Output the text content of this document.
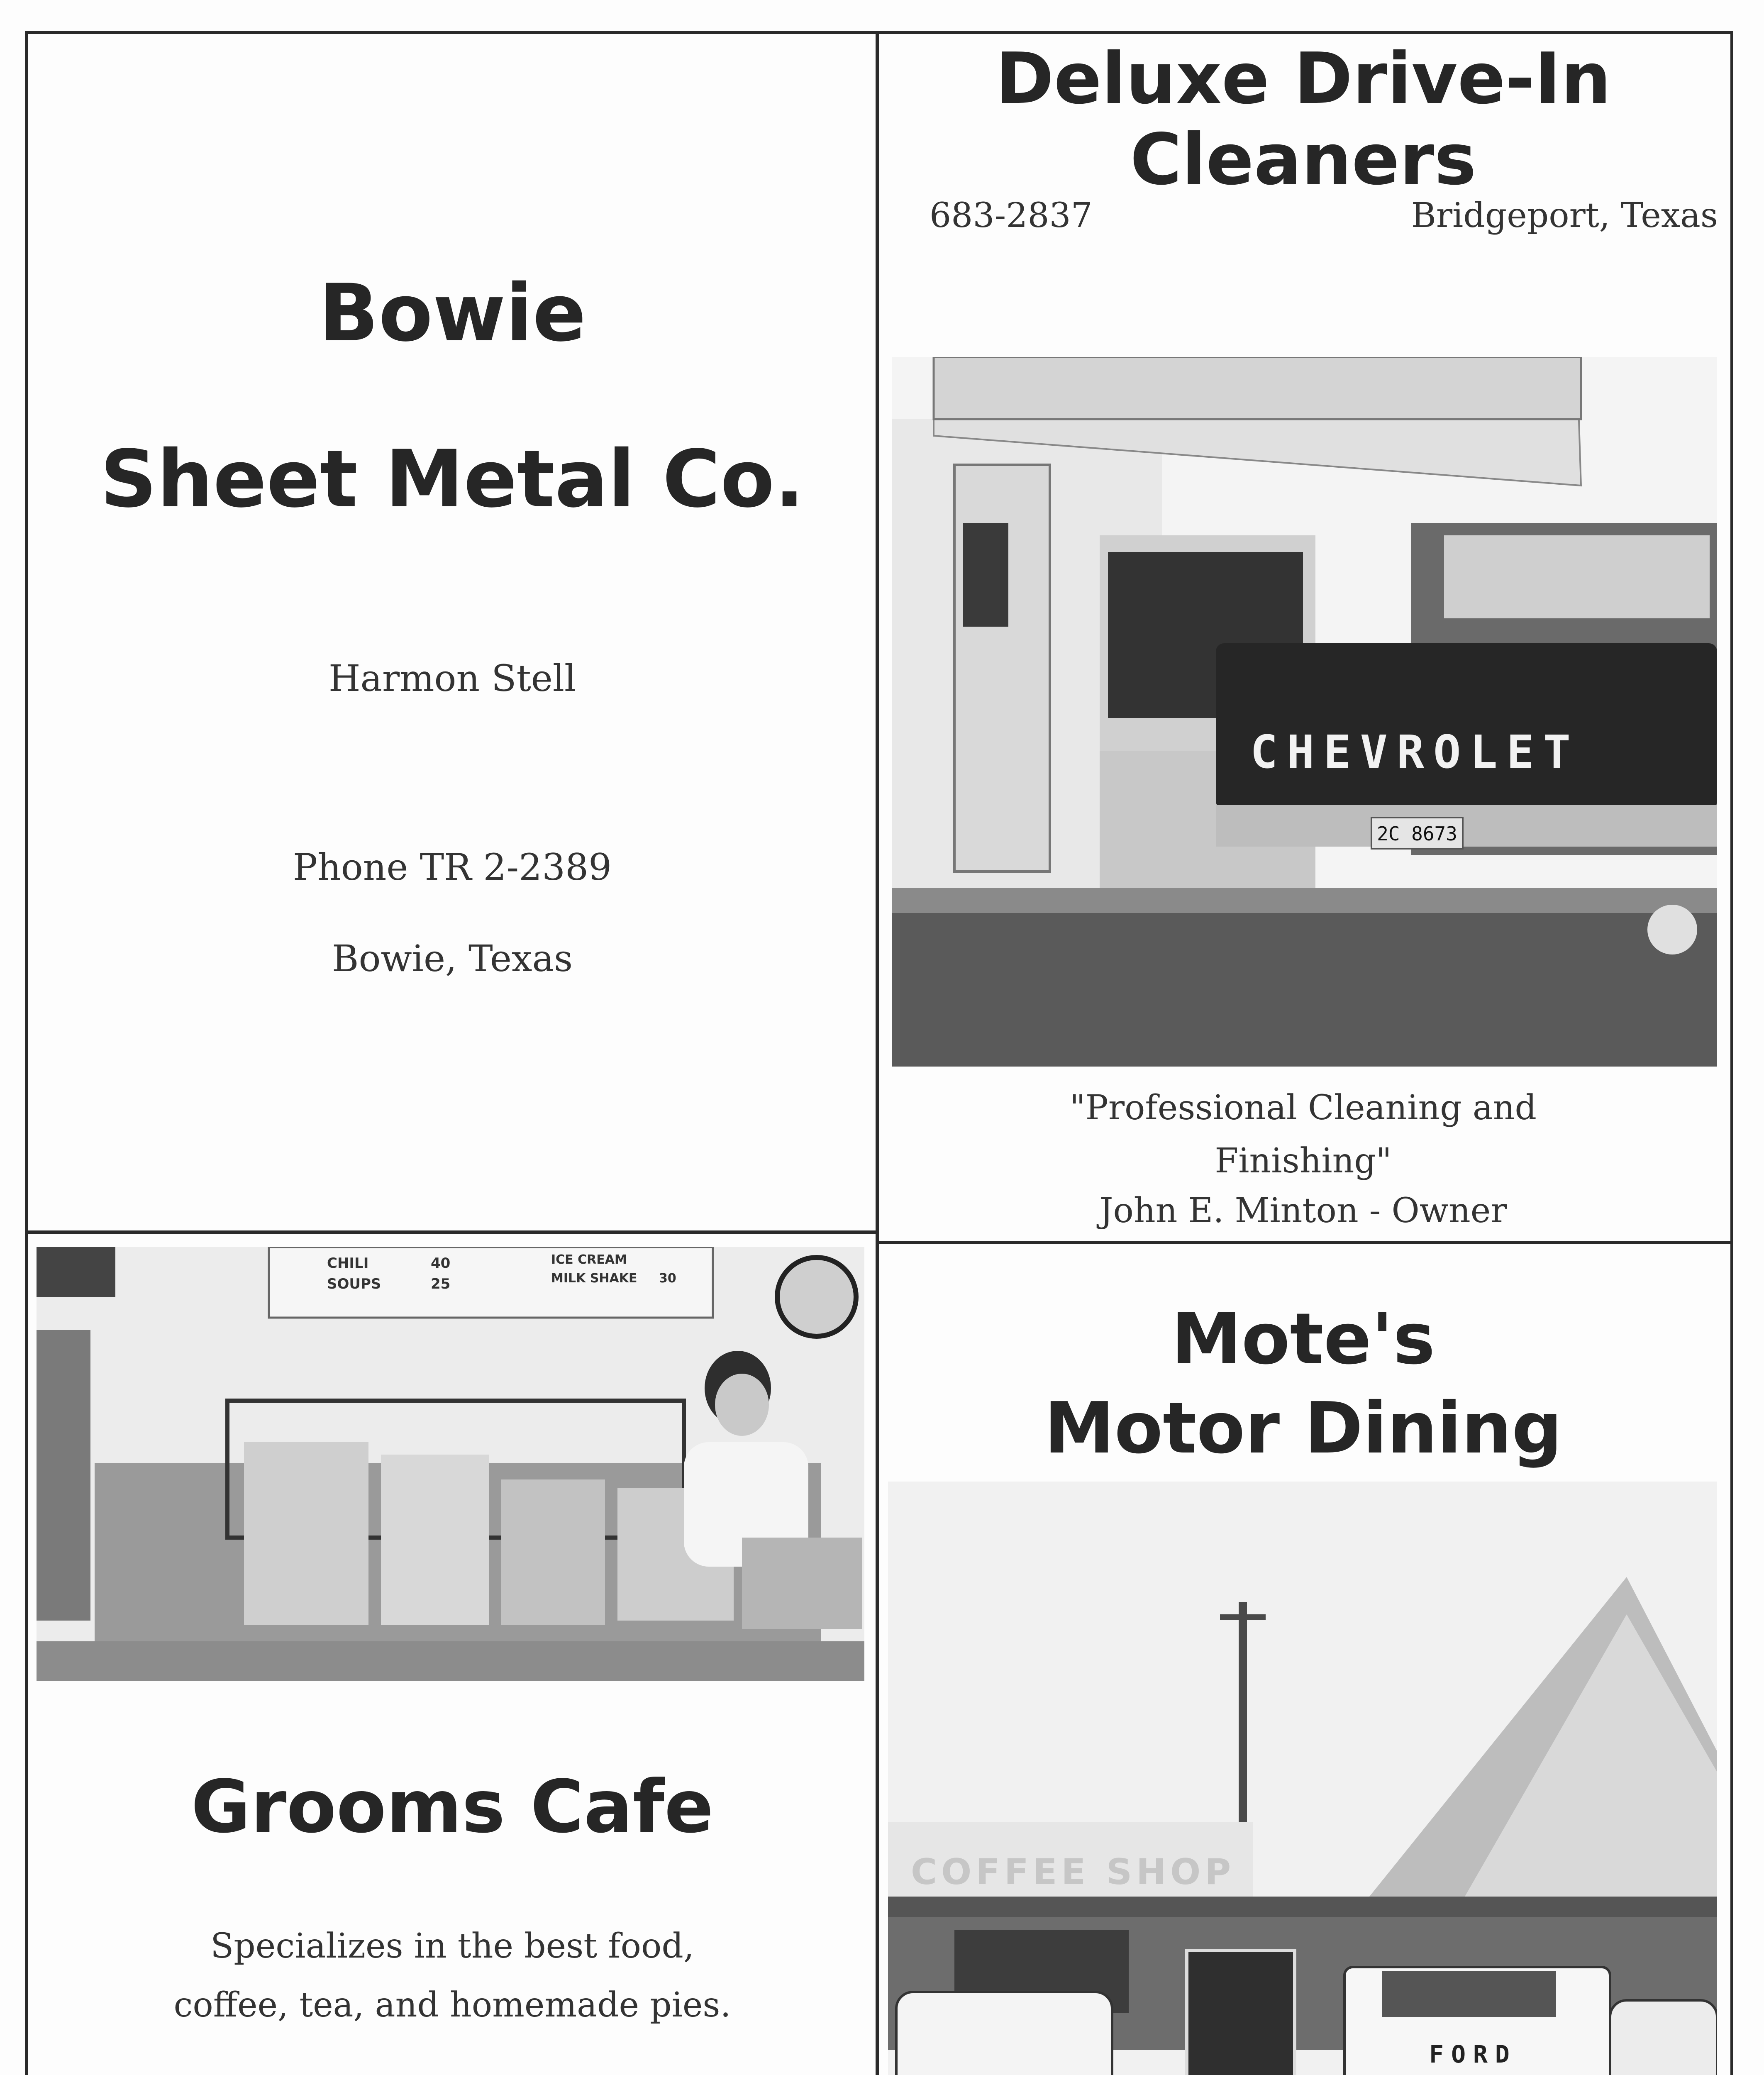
Bowie
Sheet Metal Co.
Harmon Stell
Phone TR 2-2389
Bowie, Texas
Deluxe Drive-In
Cleaners
683-2837	Bridgeport, Texas
2C 8673
CHEVROLET
"Professional Cleaning and
Finishing"
John E. Minton - Owner
CHILI
SOUPS
40
25
ICE CREAM
MILK SHAKE 30
Grooms Cafe
Specializes in the best food,
coffee, tea, and homemade pies.
Mote's
Motor Dining
COFFEE SHOP
FORD
